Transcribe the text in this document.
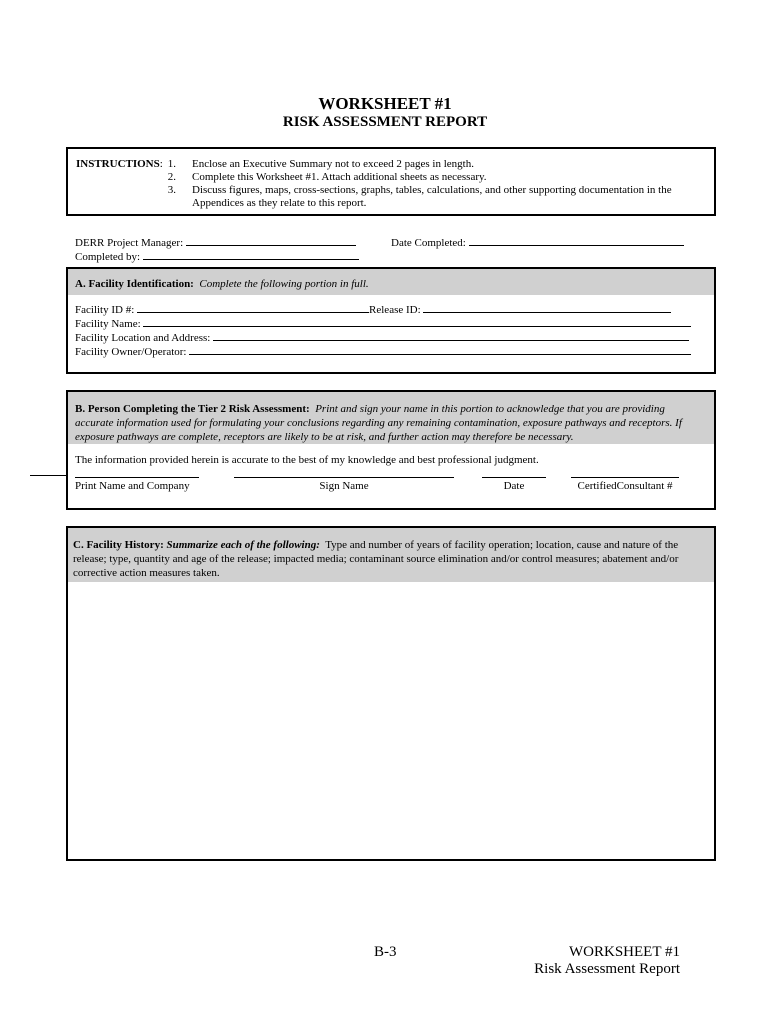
WORKSHEET #1
RISK ASSESSMENT REPORT
INSTRUCTIONS: 1. Enclose an Executive Summary not to exceed 2 pages in length.
2. Complete this Worksheet #1. Attach additional sheets as necessary.
3. Discuss figures, maps, cross-sections, graphs, tables, calculations, and other supporting documentation in the
Appendices as they relate to this report.
DERR Project Manager:	Date Completed:
Completed by:
A. Facility Identification: Complete the following portion in full.
Facility ID #:	Release ID:
Facility Name:
Facility Location and Address:
Facility Owner/Operator:
B. Person Completing the Tier 2 Risk Assessment: Print and sign your name in this portion to acknowledge that you are providing accurate information used for formulating your conclusions regarding any remaining contamination, exposure pathways and receptors. If exposure pathways are complete, receptors are likely to be at risk, and further action may therefore be necessary.
The information provided herein is accurate to the best of my knowledge and best professional judgment.
Print Name and Company	Sign Name	Date	CertifiedConsultant #
C. Facility History: Summarize each of the following: Type and number of years of facility operation; location, cause and nature of the release; type, quantity and age of the release; impacted media; contaminant source elimination and/or control measures; abatement and/or corrective action measures taken.
B-3	WORKSHEET #1
Risk Assessment Report
